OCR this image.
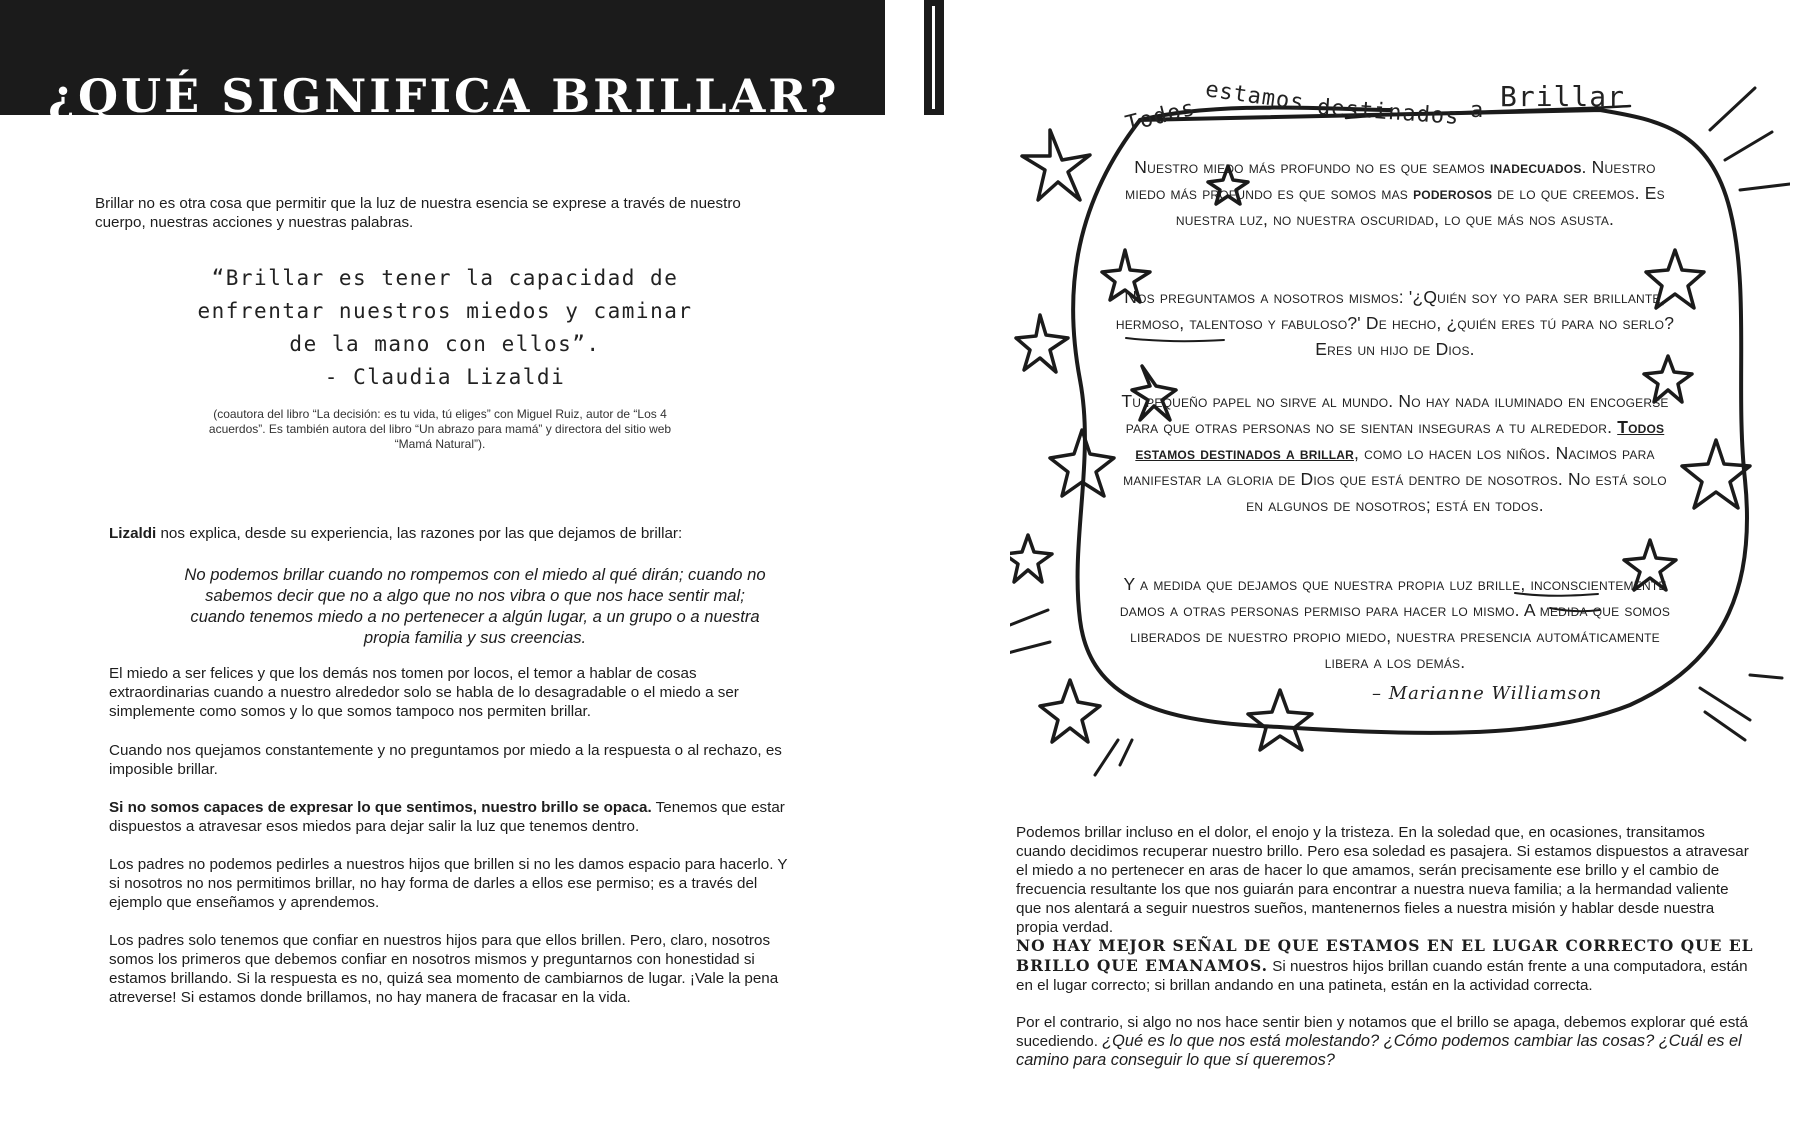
¿QUÉ SIGNIFICA BRILLAR?

Brillar no es otra cosa que permitir que la luz de nuestra esencia se exprese a través de nuestro cuerpo, nuestras acciones y nuestras palabras.

“Brillar es tener la capacidad de
enfrentar nuestros miedos y caminar
de la mano con ellos”.
- Claudia Lizaldi

(coautora del libro “La decisión: es tu vida, tú eliges” con Miguel Ruiz, autor de “Los 4 acuerdos”. Es también autora del libro “Un abrazo para mamá” y directora del sitio web “Mamá Natural”).

Lizaldi nos explica, desde su experiencia, las razones por las que dejamos de brillar:

No podemos brillar cuando no rompemos con el miedo al qué dirán; cuando no sabemos decir que no a algo que no nos vibra o que nos hace sentir mal; cuando tenemos miedo a no pertenecer a algún lugar, a un grupo o a nuestra propia familia y sus creencias.

El miedo a ser felices y que los demás nos tomen por locos, el temor a hablar de cosas extraordinarias cuando a nuestro alrededor solo se habla de lo desagradable o el miedo a ser simplemente como somos y lo que somos tampoco nos permiten brillar.

Cuando nos quejamos constantemente y no preguntamos por miedo a la respuesta o al rechazo, es imposible brillar.

Si no somos capaces de expresar lo que sentimos, nuestro brillo se opaca. Tenemos que estar dispuestos a atravesar esos miedos para dejar salir la luz que tenemos dentro.

Los padres no podemos pedirles a nuestros hijos que brillen si no les damos espacio para hacerlo. Y si nosotros no nos permitimos brillar, no hay forma de darles a ellos ese permiso; es a través del ejemplo que enseñamos y aprendemos.

Los padres solo tenemos que confiar en nuestros hijos para que ellos brillen. Pero, claro, nosotros somos los primeros que debemos confiar en nosotros mismos y preguntarnos con honestidad si estamos brillando. Si la respuesta es no, quizá sea momento de cambiarnos de lugar. ¡Vale la pena atreverse! Si estamos donde brillamos, no hay manera de fracasar en la vida.

Todos estamos destinados a Brillar

Nuestro miedo más profundo no es que seamos inadecuados. Nuestro miedo más profundo es que somos mas poderosos de lo que creemos. Es nuestra luz, no nuestra oscuridad, lo que más nos asusta.

Nos preguntamos a nosotros mismos: '¿Quién soy yo para ser brillante, hermoso, talentoso y fabuloso?' De hecho, ¿quién eres tú para no serlo? Eres un hijo de Dios.

Tu pequeño papel no sirve al mundo. No hay nada iluminado en encogerse para que otras personas no se sientan inseguras a tu alrededor. Todos estamos destinados a brillar, como lo hacen los niños. Nacimos para manifestar la gloria de Dios que está dentro de nosotros. No está solo en algunos de nosotros; está en todos.

Y a medida que dejamos que nuestra propia luz brille, inconscientemente damos a otras personas permiso para hacer lo mismo. A medida que somos liberados de nuestro propio miedo, nuestra presencia automáticamente libera a los demás.

– Marianne Williamson

Podemos brillar incluso en el dolor, el enojo y la tristeza. En la soledad que, en ocasiones, transitamos cuando decidimos recuperar nuestro brillo. Pero esa soledad es pasajera. Si estamos dispuestos a atravesar el miedo a no pertenecer en aras de hacer lo que amamos, serán precisamente ese brillo y el cambio de frecuencia resultante los que nos guiarán para encontrar a nuestra nueva familia; a la hermandad valiente que nos alentará a seguir nuestros sueños, mantenernos fieles a nuestra misión y hablar desde nuestra propia verdad.

NO HAY MEJOR SEÑAL DE QUE ESTAMOS EN EL LUGAR CORRECTO QUE EL BRILLO QUE EMANAMOS. Si nuestros hijos brillan cuando están frente a una computadora, están en el lugar correcto; si brillan andando en una patineta, están en la actividad correcta.

Por el contrario, si algo no nos hace sentir bien y notamos que el brillo se apaga, debemos explorar qué está sucediendo. ¿Qué es lo que nos está molestando? ¿Cómo podemos cambiar las cosas? ¿Cuál es el camino para conseguir lo que sí queremos?
